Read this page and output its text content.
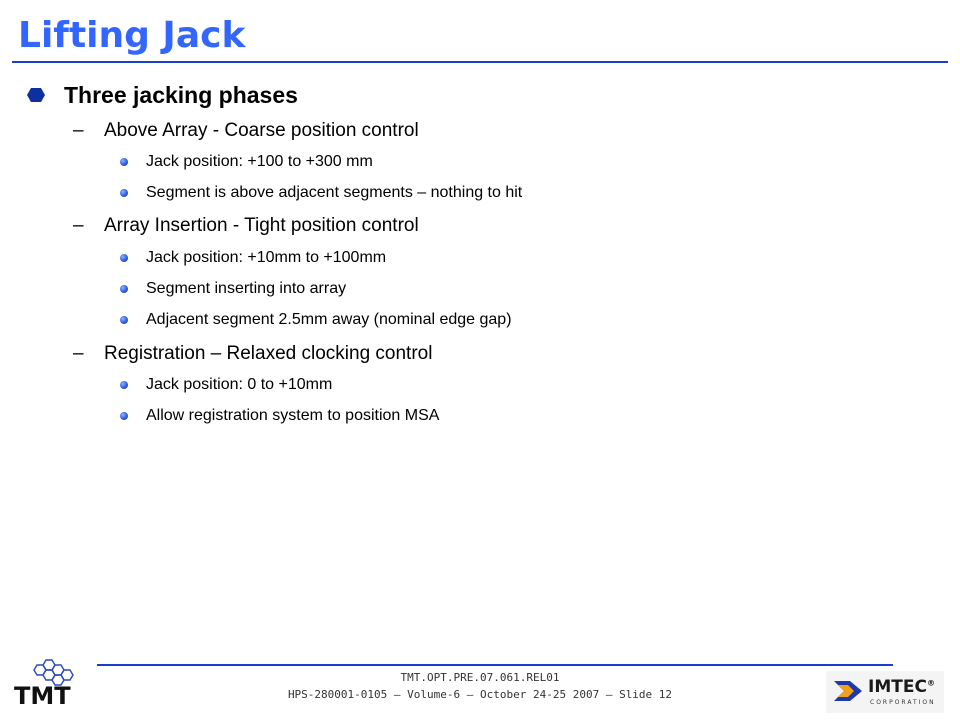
Lifting Jack
Three jacking phases
–	Above Array - Coarse position control
Jack position: +100 to +300 mm
Segment is above adjacent segments – nothing to hit
–	Array Insertion - Tight position control
Jack position: +10mm to +100mm
Segment inserting into array
Adjacent segment 2.5mm away (nominal edge gap)
–	Registration – Relaxed clocking control
Jack position: 0 to +10mm
Allow registration system to position MSA
TMT.OPT.PRE.07.061.REL01
HPS-280001-0105 – Volume-6 – October 24-25 2007 – Slide 12
TMT	IMTEC®
CORPORATION
